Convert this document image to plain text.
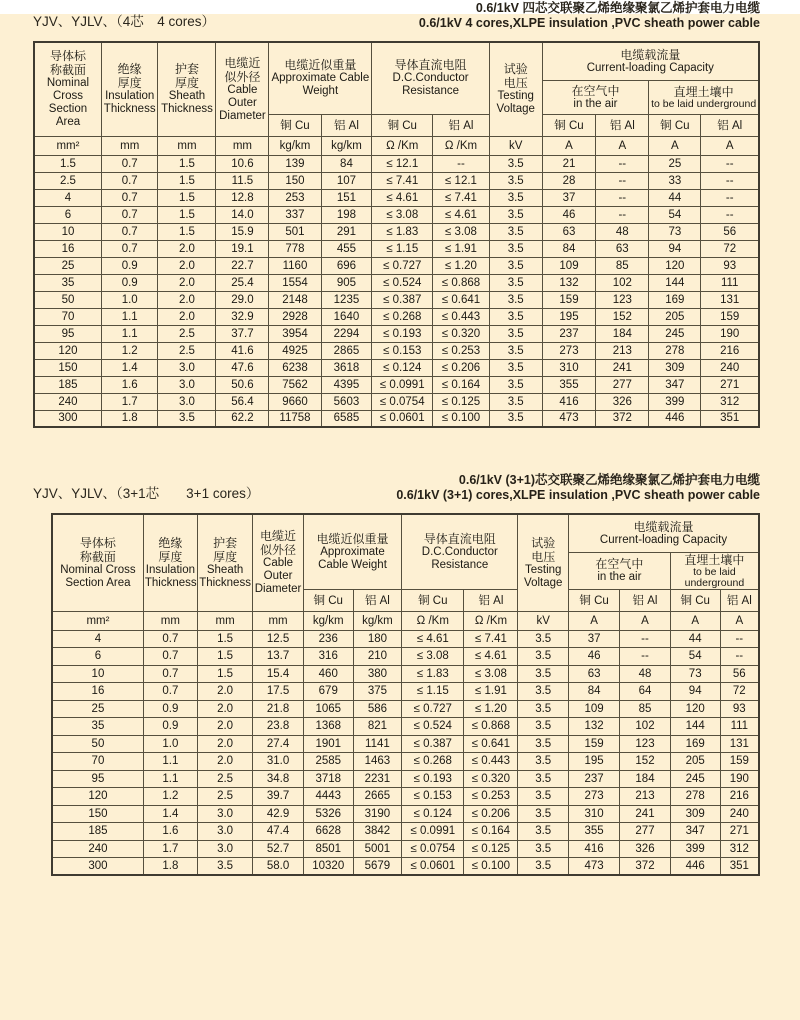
YJV、YJLV、（4芯　4 cores）
0.6/1kV 四芯交联聚乙烯绝缘聚氯乙烯护套电力电缆
0.6/1kV 4 cores,XLPE insulation ,PVC sheath power cable
导体标称截面
Nominal Cross Section Area	绝缘厚度
Insulation Thickness	护套厚度
Sheath Thickness	电缆近似外径
Cable Outer Diameter	电缆近似重量
Approximate Cable Weight		导体直流电阻
D.C.Conductor Resistance		试验电压
Testing Voltage	电缆载流量
Current-loading Capacity			

									在空气中
in the air		直埋土壤中
to be laid underground	

				铜 Cu	铝 Al	铜 Cu	铝 Al		铜 Cu	铝 Al	铜 Cu	铝 Al
mm²	mm	mm	mm	kg/km	kg/km	Ω /Km	Ω /Km	kV	A	A	A	A
1.5	0.7	1.5	10.6	139	84	≤ 12.1	--	3.5	21	--	25	--
2.5	0.7	1.5	11.5	150	107	≤ 7.41	≤ 12.1	3.5	28	--	33	--
4	0.7	1.5	12.8	253	151	≤ 4.61	≤ 7.41	3.5	37	--	44	--
6	0.7	1.5	14.0	337	198	≤ 3.08	≤ 4.61	3.5	46	--	54	--
10	0.7	1.5	15.9	501	291	≤ 1.83	≤ 3.08	3.5	63	48	73	56
16	0.7	2.0	19.1	778	455	≤ 1.15	≤ 1.91	3.5	84	63	94	72
25	0.9	2.0	22.7	1160	696	≤ 0.727	≤ 1.20	3.5	109	85	120	93
35	0.9	2.0	25.4	1554	905	≤ 0.524	≤ 0.868	3.5	132	102	144	111
50	1.0	2.0	29.0	2148	1235	≤ 0.387	≤ 0.641	3.5	159	123	169	131
70	1.1	2.0	32.9	2928	1640	≤ 0.268	≤ 0.443	3.5	195	152	205	159
95	1.1	2.5	37.7	3954	2294	≤ 0.193	≤ 0.320	3.5	237	184	245	190
120	1.2	2.5	41.6	4925	2865	≤ 0.153	≤ 0.253	3.5	273	213	278	216
150	1.4	3.0	47.6	6238	3618	≤ 0.124	≤ 0.206	3.5	310	241	309	240
185	1.6	3.0	50.6	7562	4395	≤ 0.0991	≤ 0.164	3.5	355	277	347	271
240	1.7	3.0	56.4	9660	5603	≤ 0.0754	≤ 0.125	3.5	416	326	399	312
300	1.8	3.5	62.2	11758	6585	≤ 0.0601	≤ 0.100	3.5	473	372	446	351
YJV、YJLV、（3+1芯　　3+1 cores）
0.6/1kV (3+1)芯交联聚乙烯绝缘聚氯乙烯护套电力电缆
0.6/1kV (3+1) cores,XLPE insulation ,PVC sheath power cable
导体标称截面
Nominal Cross Section Area	绝缘厚度
Insulation Thickness	护套厚度
Sheath Thickness	电缆近似外径
Cable Outer Diameter	电缆近似重量
Approximate Cable Weight		导体直流电阻
D.C.Conductor Resistance		试验电压
Testing Voltage	电缆载流量
Current-loading Capacity			

									在空气中
in the air		直埋土壤中
to be laid underground	

				铜 Cu	铝 Al	铜 Cu	铝 Al		铜 Cu	铝 Al	铜 Cu	铝 Al
mm²	mm	mm	mm	kg/km	kg/km	Ω /Km	Ω /Km	kV	A	A	A	A
4	0.7	1.5	12.5	236	180	≤ 4.61	≤ 7.41	3.5	37	--	44	--
6	0.7	1.5	13.7	316	210	≤ 3.08	≤ 4.61	3.5	46	--	54	--
10	0.7	1.5	15.4	460	380	≤ 1.83	≤ 3.08	3.5	63	48	73	56
16	0.7	2.0	17.5	679	375	≤ 1.15	≤ 1.91	3.5	84	64	94	72
25	0.9	2.0	21.8	1065	586	≤ 0.727	≤ 1.20	3.5	109	85	120	93
35	0.9	2.0	23.8	1368	821	≤ 0.524	≤ 0.868	3.5	132	102	144	111
50	1.0	2.0	27.4	1901	1141	≤ 0.387	≤ 0.641	3.5	159	123	169	131
70	1.1	2.0	31.0	2585	1463	≤ 0.268	≤ 0.443	3.5	195	152	205	159
95	1.1	2.5	34.8	3718	2231	≤ 0.193	≤ 0.320	3.5	237	184	245	190
120	1.2	2.5	39.7	4443	2665	≤ 0.153	≤ 0.253	3.5	273	213	278	216
150	1.4	3.0	42.9	5326	3190	≤ 0.124	≤ 0.206	3.5	310	241	309	240
185	1.6	3.0	47.4	6628	3842	≤ 0.0991	≤ 0.164	3.5	355	277	347	271
240	1.7	3.0	52.7	8501	5001	≤ 0.0754	≤ 0.125	3.5	416	326	399	312
300	1.8	3.5	58.0	10320	5679	≤ 0.0601	≤ 0.100	3.5	473	372	446	351
